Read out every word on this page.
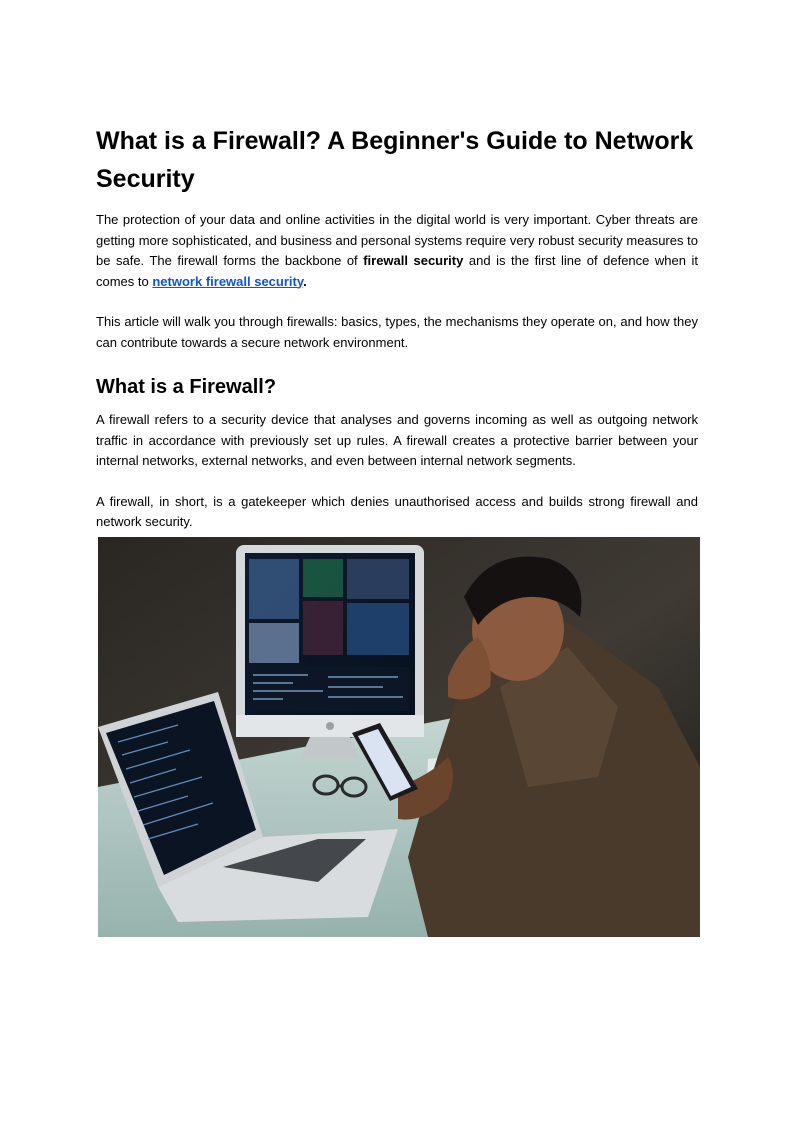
What is a Firewall? A Beginner's Guide to Network Security

The protection of your data and online activities in the digital world is very important. Cyber threats are getting more sophisticated, and business and personal systems require very robust security measures to be safe. The firewall forms the backbone of firewall security and is the first line of defence when it comes to network firewall security.

This article will walk you through firewalls: basics, types, the mechanisms they operate on, and how they can contribute towards a secure network environment.

What is a Firewall?

A firewall refers to a security device that analyses and governs incoming as well as outgoing network traffic in accordance with previously set up rules. A firewall creates a protective barrier between your internal networks, external networks, and even between internal network segments.

A firewall, in short, is a gatekeeper which denies unauthorised access and builds strong firewall and network security.
